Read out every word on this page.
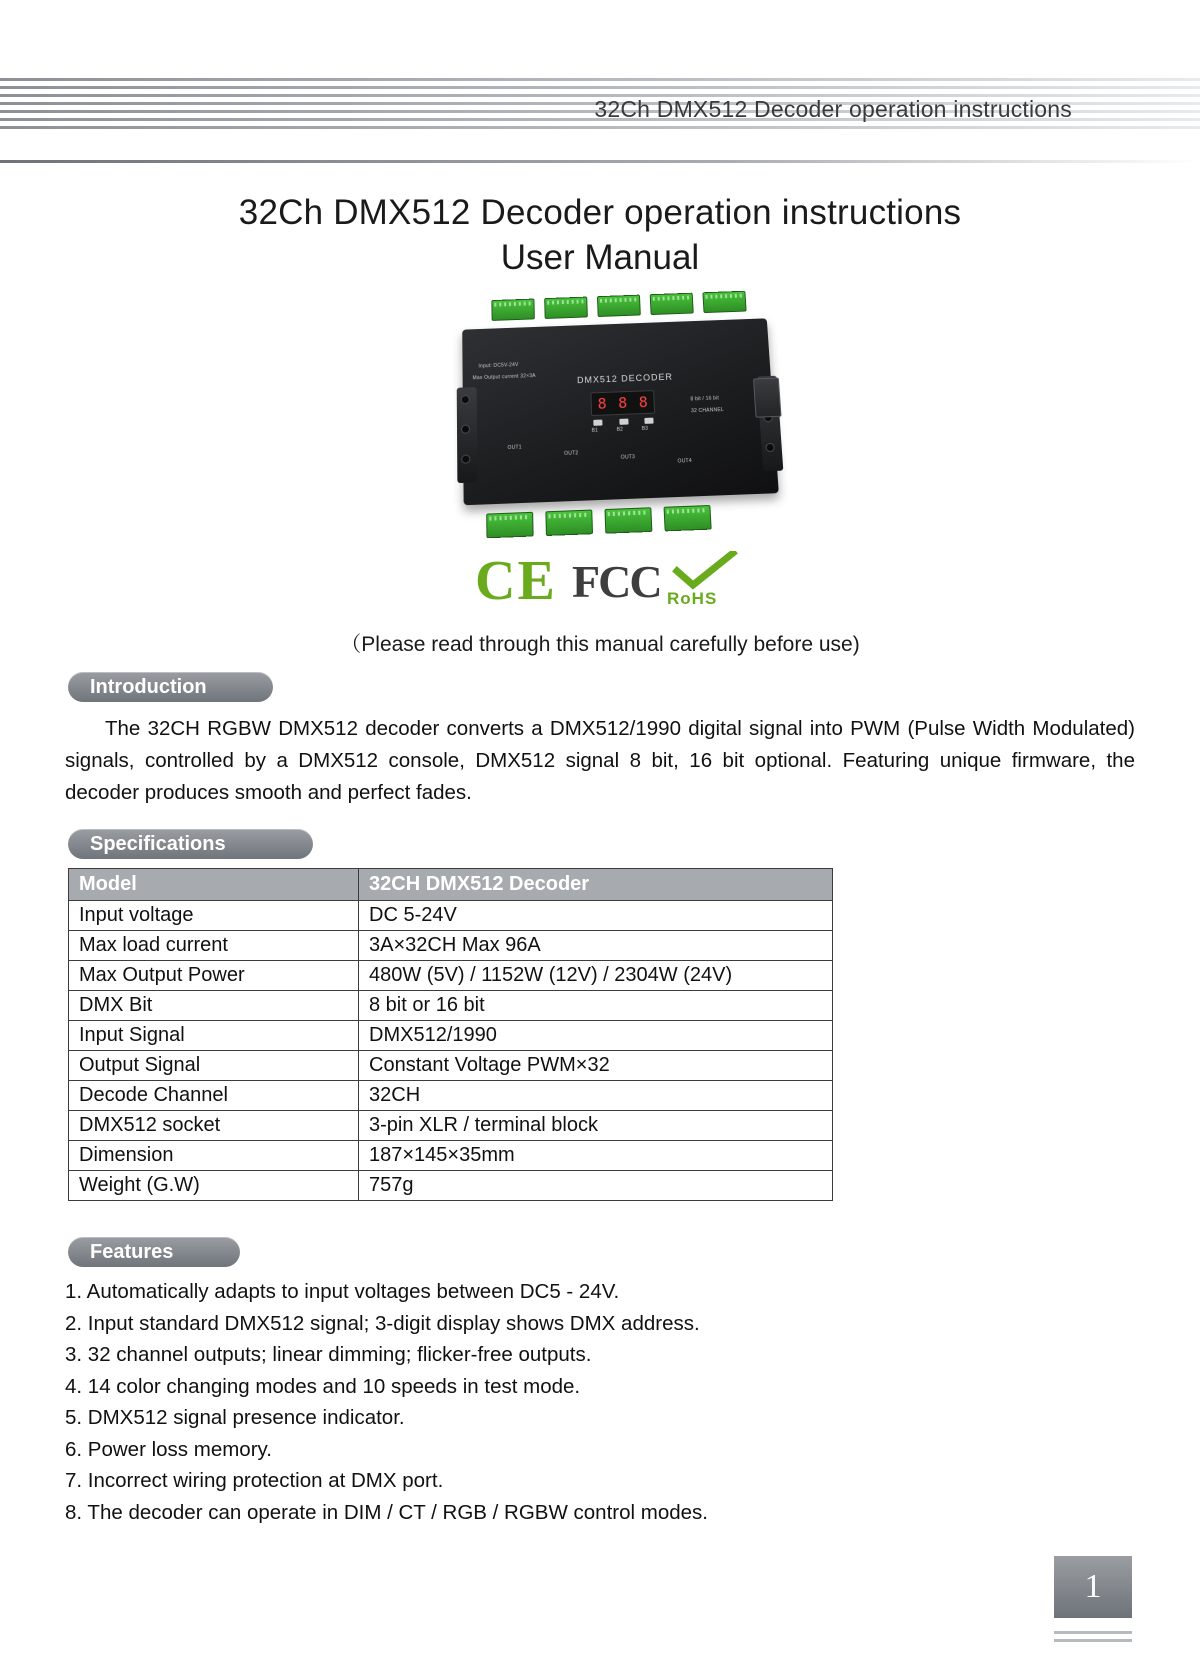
32Ch DMX512 Decoder operation instructions
32Ch DMX512 Decoder operation instructions
User Manual
Input: DC5V-24V
Max Output current 32×3A
8 bit / 16 bit
32 CHANNEL
DMX512 DECODER
8 8 8
B1	B2	B3
OUT1
OUT2
OUT3
OUT4
CE FCC RoHS
（Please read through this manual carefully before use)
Introduction
The 32CH RGBW DMX512 decoder converts a DMX512/1990 digital signal into PWM (Pulse Width Modulated) signals, controlled by a DMX512 console, DMX512 signal 8 bit, 16 bit optional. Featuring unique firmware, the decoder produces smooth and perfect fades.
Specifications
Model	32CH DMX512 Decoder
Input voltage	DC 5-24V
Max load current	3A×32CH Max 96A
Max Output Power	480W (5V) / 1152W (12V) / 2304W (24V)
DMX Bit	8 bit or 16 bit
Input Signal	DMX512/1990
Output Signal	Constant Voltage PWM×32
Decode Channel	32CH
DMX512 socket	3-pin XLR / terminal block
Dimension	187×145×35mm
Weight (G.W)	757g
Features
1. Automatically adapts to input voltages between DC5 - 24V.
2. Input standard DMX512 signal; 3-digit display shows DMX address.
3. 32 channel outputs; linear dimming; flicker-free outputs.
4. 14 color changing modes and 10 speeds in test mode.
5. DMX512 signal presence indicator.
6. Power loss memory.
7. Incorrect wiring protection at DMX port.
8. The decoder can operate in DIM / CT / RGB / RGBW control modes.
1
